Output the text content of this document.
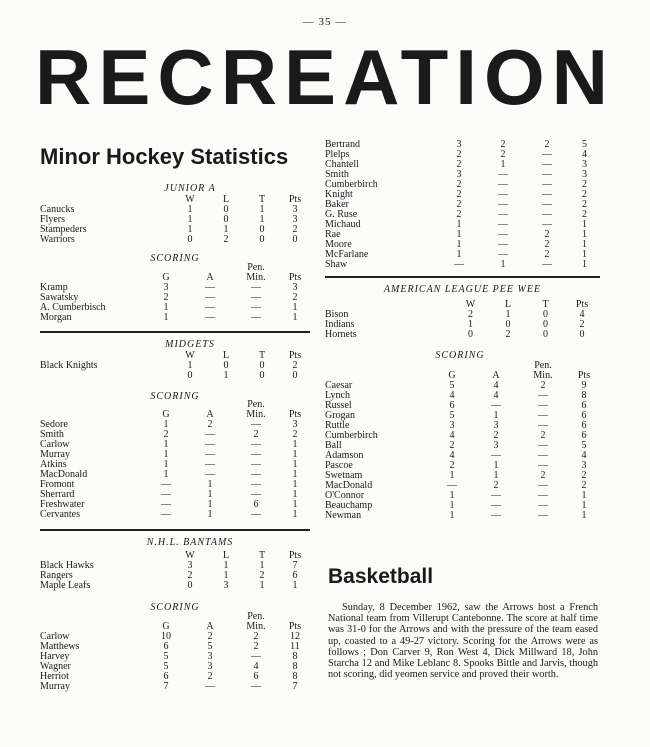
— 35 —
RECREATION
Minor Hockey Statistics
JUNIOR A
	W	L	T	Pts
Canucks	1	0	1	3
Flyers	1	0	1	3
Stampeders	1	1	0	2
Warriors	0	2	0	0
SCORING
	G	A	Pen.
Min.	Pts
Kramp	3	—	—	3
Sawatsky	2	—	—	2
A. Cumberbisch	1	—	—	1
Morgan	1	—	—	1
MIDGETS
	W	L	T	Pts
Black Knights	1	0	0	2
	0	1	0	0
SCORING
	G	A	Pen.
Min.	Pts
Sedore	1	2	—	3
Smith	2	—	2	2
Carlow	1	—	—	1
Murray	1	—	—	1
Atkins	1	—	—	1
MacDonald	1	—	—	1
Fromont	—	1	—	1
Sherrard	—	1	—	1
Freshwater	—	1	6	1
Cervantes	—	1	—	1
N.H.L. BANTAMS
	W	L	T	Pts
Black Hawks	3	1	1	7
Rangers	2	1	2	6
Maple Leafs	0	3	1	1
SCORING
	G	A	Pen.
Min.	Pts
Carlow	10	2	2	12
Matthews	6	5	2	11
Harvey	5	3	—	8
Wagner	5	3	4	8
Herriot	6	2	6	8
Murray	7	—	—	7
Bertrand	3	2	2	5
Plelps	2	2	—	4
Chantell	2	1	—	3
Smith	3	—	—	3
Cumberbirch	2	—	—	2
Knight	2	—	—	2
Baker	2	—	—	2
G. Ruse	2	—	—	2
Michaud	1	—	—	1
Rae	1	—	2	1
Moore	1	—	2	1
McFarlane	1	—	2	1
Shaw	—	1	—	1
AMERICAN LEAGUE PEE WEE
	W	L	T	Pts
Bison	2	1	0	4
Indians	1	0	0	2
Hornets	0	2	0	0
SCORING
	G	A	Pen.
Min.	Pts
Caesar	5	4	2	9
Lynch	4	4	—	8
Russel	6	—	—	6
Grogan	5	1	—	6
Ruttle	3	3	—	6
Cumberbirch	4	2	2	6
Ball	2	3	—	5
Adamson	4	—	—	4
Pascoe	2	1	—	3
Swetnam	1	1	2	2
MacDonald	—	2	—	2
O'Connor	1	—	—	1
Beauchamp	1	—	—	1
Newman	1	—	—	1
Basketball
Sunday, 8 December 1962, saw the Arrows host a French National team from Villerupt Cantebonne. The score at half time was 31-0 for the Arrows and with the pressure of the team eased up, coasted to a 49-27 victory. Scoring for the Arrows were as follows ; Don Carver 9, Ron West 4, Dick Millward 18, John Starcha 12 and Mike Leblanc 8. Spooks Bittle and Jarvis, though not scoring, did yeomen service and proved their worth.
